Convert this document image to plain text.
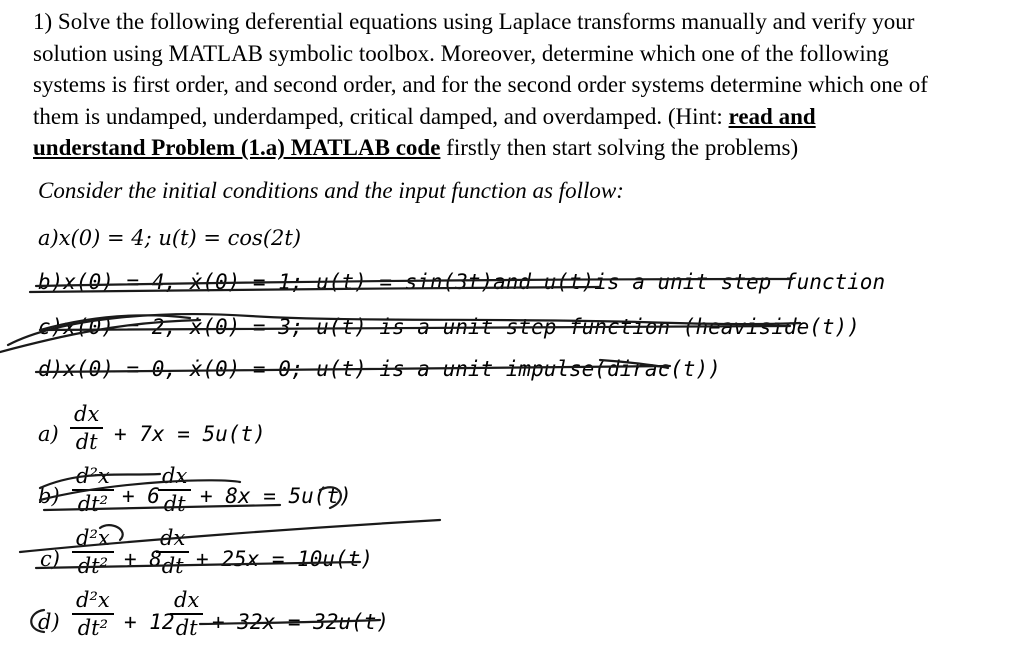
1) Solve the following deferential equations using Laplace transforms manually and verify your
solution using MATLAB symbolic toolbox. Moreover, determine which one of the following
systems is first order, and second order, and for the second order systems determine which one of
them is undamped, underdamped, critical damped, and overdamped. (Hint: read and
understand Problem (1.a) MATLAB code firstly then start solving the problems)

Consider the initial conditions and the input function as follow:
a)x(0) = 4; u(t) = cos(2t)
b)x(0) = 4, ẋ(0) = 1; u(t) = sin(3t)and u(t)is a unit step function
c)x(0) = 2, ẋ(0) = 3; u(t) is a unit step function (heaviside(t))
d)x(0) = 0, ẋ(0) = 0; u(t) is a unit impulse(dirac(t))
$a) \frac{dx}{dt} + 7x = 5u(t)$
$b) \frac{\text{d²x}}{\text{dt²}} + 6$
$\frac{dx}{dt} + 8x = 5u(t)$
$c) \frac{\text{d²x}}{\text{dt²}} + 8$
$\frac{dx}{dt} + 25x = 10u(t)$
$d) \frac{\text{d²x}}{\text{dt²}} + 12$
$\frac{dx}{dt} + 32x = 32u(t)$
